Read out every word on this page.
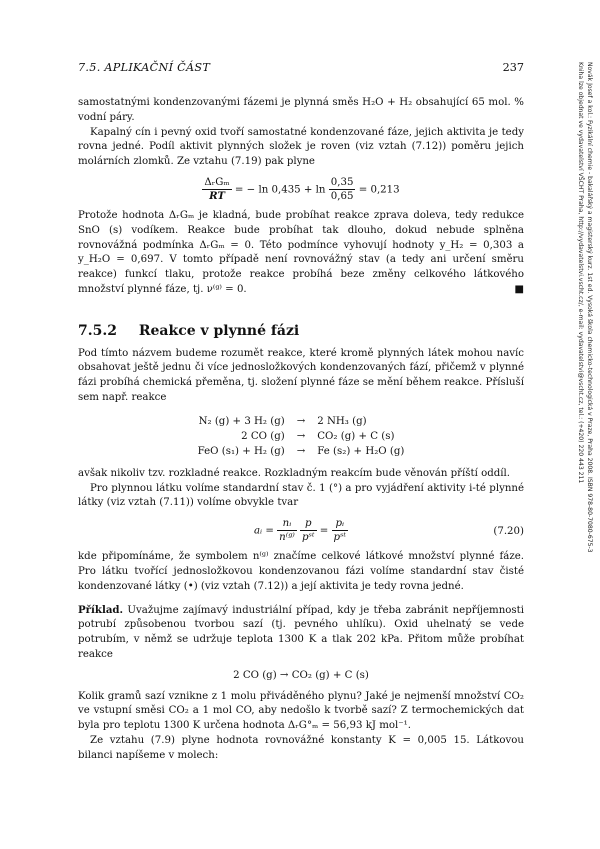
7.5. APLIKAČNÍ ČÁST	237

samostatnými kondenzovanými fázemi je plynná směs H₂O + H₂ obsahující 65 mol. % vodní páry.

Kapalný cín i pevný oxid tvoří samostatné kondenzované fáze, jejich aktivita je tedy rovna jedné. Podíl aktivit plynných složek je roven (viz vztah (7.12)) poměru jejich molárních zlomků. Ze vztahu (7.19) pak plyne

$\frac{\text{ΔᵣGₘ}}{RT}$ = − $\ln 0,435 + \ln \frac{0,35}{0,65} = 0,213$

Protože hodnota ΔᵣGₘ je kladná, bude probíhat reakce zprava doleva, tedy redukce SnO (s) vodíkem. Reakce bude probíhat tak dlouho, dokud nebude splněna rovnovážná podmínka ΔᵣGₘ = 0. Této podmínce vyhovují hodnoty y_H₂ = 0,303 a y_H₂O = 0,697. V tomto případě není rovnovážný stav (a tedy ani určení směru reakce) funkcí tlaku, protože reakce probíhá beze změny celkového látkového množství plynné fáze, tj. ν⁽ᵍ⁾ = 0.	■

7.5.2 Reakce v plynné fázi

Pod tímto názvem budeme rozumět reakce, které kromě plynných látek mohou navíc obsahovat ještě jednu či více jednosložkových kondenzovaných fází, přičemž v plynné fázi probíhá chemická přeměna, tj. složení plynné fáze se mění během reakce. Přísluší sem např. reakce

N₂ (g) + 3 H₂ (g)	→	2 NH₃ (g)
2 CO (g)	→	CO₂ (g) + C (s)
FeO (s₁) + H₂ (g)	→	Fe (s₂) + H₂O (g)

avšak nikoliv tzv. rozkladné reakce. Rozkladným reakcím bude věnován příští oddíl.

Pro plynnou látku volíme standardní stav č. 1 (°) a pro vyjádření aktivity i-té plynné látky (viz vztah (7.11)) volíme obvykle tvar

aᵢ = $\frac{\text{nᵢ}}{\text{n⁽ᵍ⁾}}$
$\frac{p}{\text{pˢᵗ}} = \frac{\text{pᵢ}}{\text{pˢᵗ}}$	(7.20)

kde připomínáme, že symbolem n⁽ᵍ⁾ značíme celkové látkové množství plynné fáze. Pro látku tvořící jednosložkovou kondenzovanou fázi volíme standardní stav čisté kondenzované látky (•) (viz vztah (7.12)) a její aktivita je tedy rovna jedné.

Příklad. Uvažujme zajímavý industriální případ, kdy je třeba zabránit nepříjemnosti potrubí způsobenou tvorbou sazí (tj. pevného uhlíku). Oxid uhelnatý se vede potrubím, v němž se udržuje teplota 1300 K a tlak 202 kPa. Přitom může probíhat reakce

2 CO (g) → CO₂ (g) + C (s)

Kolik gramů sazí vznikne z 1 molu přiváděného plynu? Jaké je nejmenší množství CO₂ ve vstupní směsi CO₂ a 1 mol CO, aby nedošlo k tvorbě sazí? Z termochemických dat byla pro teplotu 1300 K určena hodnota ΔᵣG°ₘ = 56,93 kJ mol⁻¹.

Ze vztahu (7.9) plyne hodnota rovnovážné konstanty K = 0,005 15. Látkovou bilanci napíšeme v molech:

Novák Josef a kol.: Fyzikální chemie - bakalářský a magisterský kurz. 1st ed. Vysoká škola chemicko-technologická v Praze, Praha 2008. ISBN 978-80-7080-675-3
Kniha lze objednat ve vydavatelství VŠCHT Praha, http://vydavatelstvi.vscht.cz/, e-mail: vydavatelstvi@vscht.cz, tel.: (+420) 220 443 211
